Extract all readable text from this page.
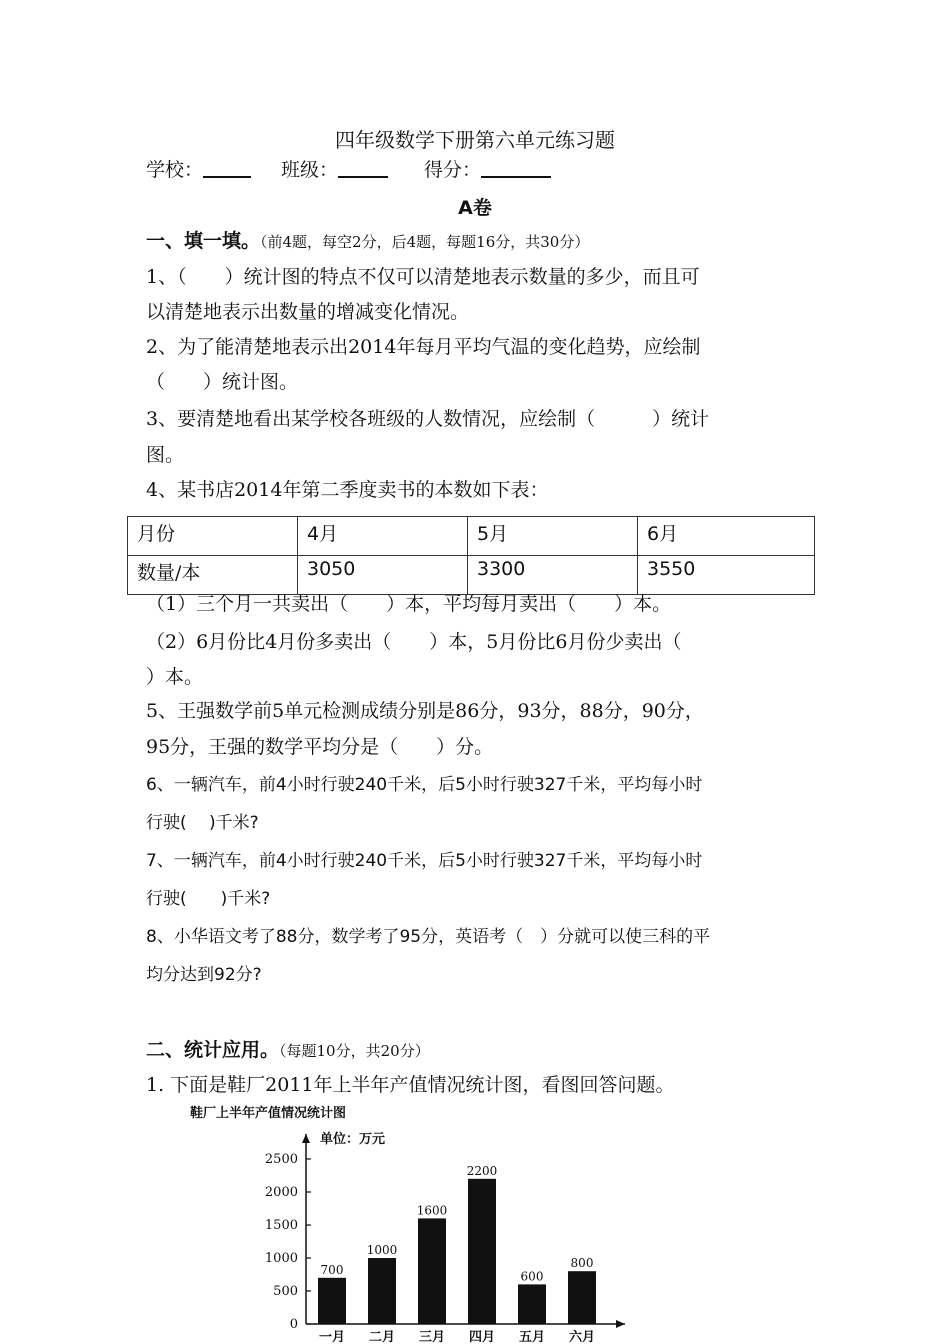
四年级数学下册第六单元练习题
学校：	班级：	得分：
A卷
一、填一填。（前4题，每空2分，后4题，每题16分，共30分）
1、（　　）统计图的特点不仅可以清楚地表示数量的多少，而且可
以清楚地表示出数量的增减变化情况。
2、为了能清楚地表示出2014年每月平均气温的变化趋势，应绘制
（　　）统计图。
3、要清楚地看出某学校各班级的人数情况，应绘制（　　　）统计
图。
4、某书店2014年第二季度卖书的本数如下表：
月份	4月	5月	6月
数量/本	3050	3300	3550
（1）三个月一共卖出（　　）本，平均每月卖出（　　）本。
（2）6月份比4月份多卖出（　　）本，5月份比6月份少卖出（
）本。
5、王强数学前5单元检测成绩分别是86分，93分，88分，90分，
95分，王强的数学平均分是（　　）分。
6、一辆汽车，前4小时行驶240千米，后5小时行驶327千米，平均每小时
行驶(　 )千米?
7、一辆汽车，前4小时行驶240千米，后5小时行驶327千米，平均每小时
行驶(　　)千米?
8、小华语文考了88分，数学考了95分，英语考（　）分就可以使三科的平
均分达到92分?
二、统计应用。（每题10分，共20分）
1. 下面是鞋厂2011年上半年产值情况统计图，看图回答问题。
鞋厂上半年产值情况统计图
单位：万元
0
500
1000
1500
2000
2500
700
一月
1000
二月
1600
三月
2200
四月
600
五月
800
六月
